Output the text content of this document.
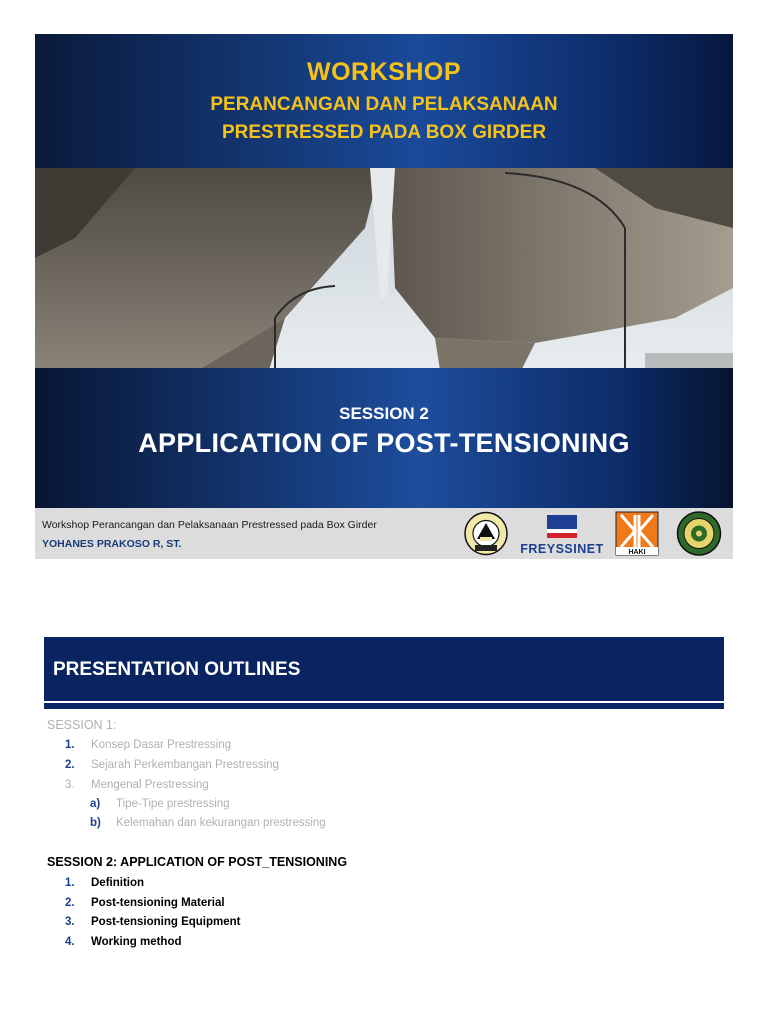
WORKSHOP
PERANCANGAN DAN PELAKSANAAN
PRESTRESSED PADA BOX GIRDER
SESSION 2
APPLICATION OF POST-TENSIONING
Workshop Perancangan dan Pelaksanaan Prestressed pada Box Girder
YOHANES PRAKOSO R, ST.	FREYSSINET	HAKI
PRESENTATION OUTLINES
SESSION 1:
1.	Konsep Dasar Prestressing
2.	Sejarah Perkembangan Prestressing
3.	Mengenal Prestressing
a)	Tipe-Tipe prestressing
b)	Kelemahan dan kekurangan prestressing
SESSION 2: APPLICATION OF POST_TENSIONING
1.	Definition
2.	Post-tensioning Material
3.	Post-tensioning Equipment
4.	Working method
